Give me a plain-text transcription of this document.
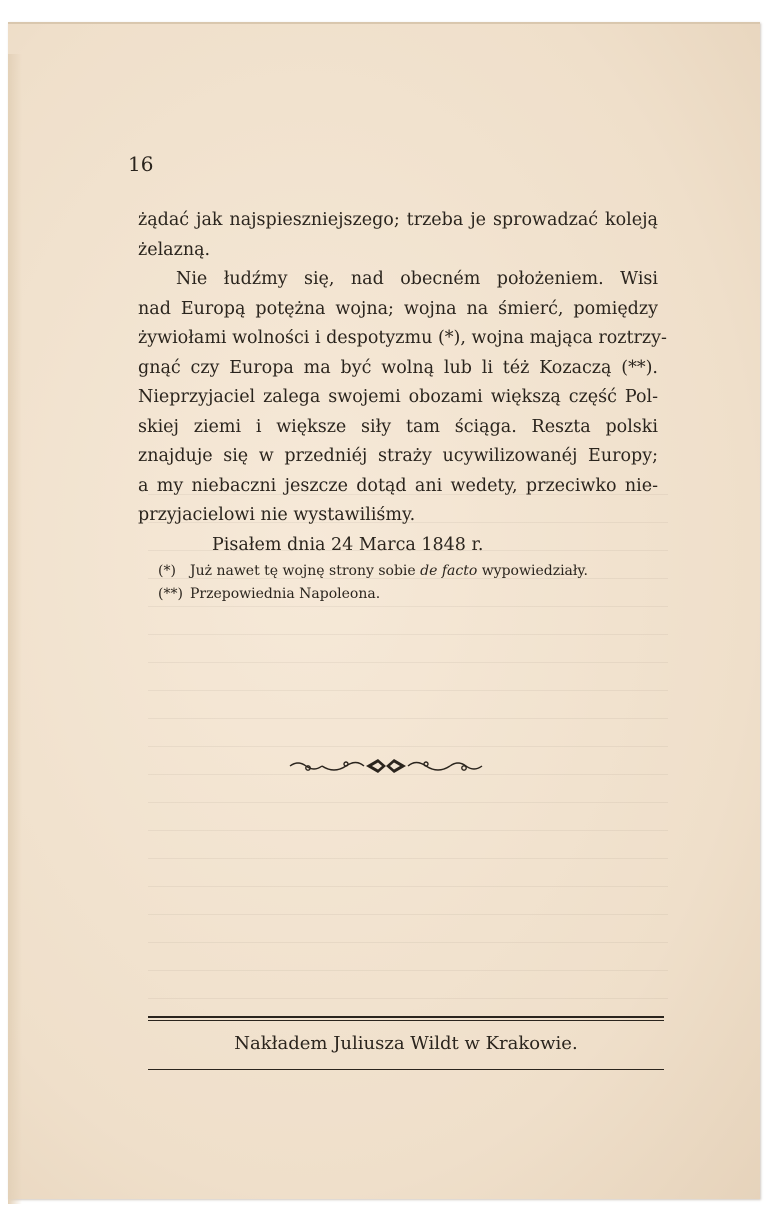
16
żądać jak najspieszniejszego; trzeba je sprowadzać koleją
żelazną.
Nie łudźmy się, nad obecném położeniem. Wisi
nad Europą potężna wojna; wojna na śmierć, pomiędzy
żywiołami wolności i despotyzmu (*), wojna mająca roztrzy-
gnąć czy Europa ma być wolną lub li téż Kozaczą (**).
Nieprzyjaciel zalega swojemi obozami większą część Pol-
skiej ziemi i większe siły tam ściąga. Reszta polski
znajduje się w przedniéj straży ucywilizowanéj Europy;
a my niebaczni jeszcze dotąd ani wedety, przeciwko nie-
przyjacielowi nie wystawiliśmy.
Pisałem dnia 24 Marca 1848 r.
(*) Już nawet tę wojnę strony sobie de facto wypowiedziały.
(**) Przepowiednia Napoleona.
Nakładem Juliusza Wildt w Krakowie.
